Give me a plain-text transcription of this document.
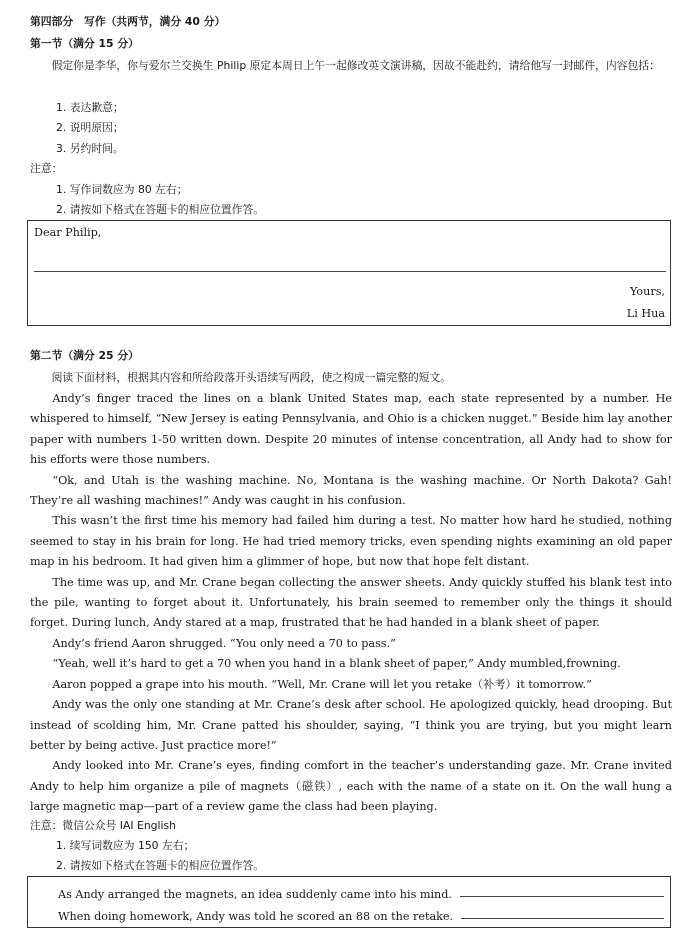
第四部分　写作（共两节，满分 40 分）
第一节（满分 15 分）

假定你是李华，你与爱尔兰交换生 Philip 原定本周日上午一起修改英文演讲稿，因故不能赴约，请给他写一封邮件，内容包括：

1. 表达歉意；

2. 说明原因；

3. 另约时间。

注意：

1. 写作词数应为 80 左右；

2. 请按如下格式在答题卡的相应位置作答。

Dear Philip,
Yours,
Li Hua
第二节（满分 25 分）

阅读下面材料，根据其内容和所给段落开头语续写两段，使之构成一篇完整的短文。

Andy’s finger traced the lines on a blank United States map, each state represented by a number. He whispered to himself, “New Jersey is eating Pennsylvania, and Ohio is a chicken nugget.” Beside him lay another paper with numbers 1-50 written down. Despite 20 minutes of intense concentration, all Andy had to show for his efforts were those numbers.

“Ok, and Utah is the washing machine. No, Montana is the washing machine. Or North Dakota? Gah! They’re all washing machines!” Andy was caught in his confusion.

This wasn’t the first time his memory had failed him during a test. No matter how hard he studied, nothing seemed to stay in his brain for long. He had tried memory tricks, even spending nights examining an old paper map in his bedroom. It had given him a glimmer of hope, but now that hope felt distant.

The time was up, and Mr. Crane began collecting the answer sheets. Andy quickly stuffed his blank test into the pile, wanting to forget about it. Unfortunately, his brain seemed to remember only the things it should forget. During lunch, Andy stared at a map, frustrated that he had handed in a blank sheet of paper.

Andy’s friend Aaron shrugged. “You only need a 70 to pass.”

“Yeah, well it’s hard to get a 70 when you hand in a blank sheet of paper,” Andy mumbled,frowning.

Aaron popped a grape into his mouth. “Well, Mr. Crane will let you retake（补考）it tomorrow.”

Andy was the only one standing at Mr. Crane’s desk after school. He apologized quickly, head drooping. But instead of scolding him, Mr. Crane patted his shoulder, saying, “I think you are trying, but you might learn better by being active. Just practice more!”

Andy looked into Mr. Crane’s eyes, finding comfort in the teacher’s understanding gaze. Mr. Crane invited Andy to help him organize a pile of magnets（磁铁）, each with the name of a state on it. On the wall hung a large magnetic map—part of a review game the class had been playing.

注意：微信公众号 IAI English

1. 续写词数应为 150 左右；

2. 请按如下格式在答题卡的相应位置作答。

As Andy arranged the magnets, an idea suddenly came into his mind.
When doing homework, Andy was told he scored an 88 on the retake.
